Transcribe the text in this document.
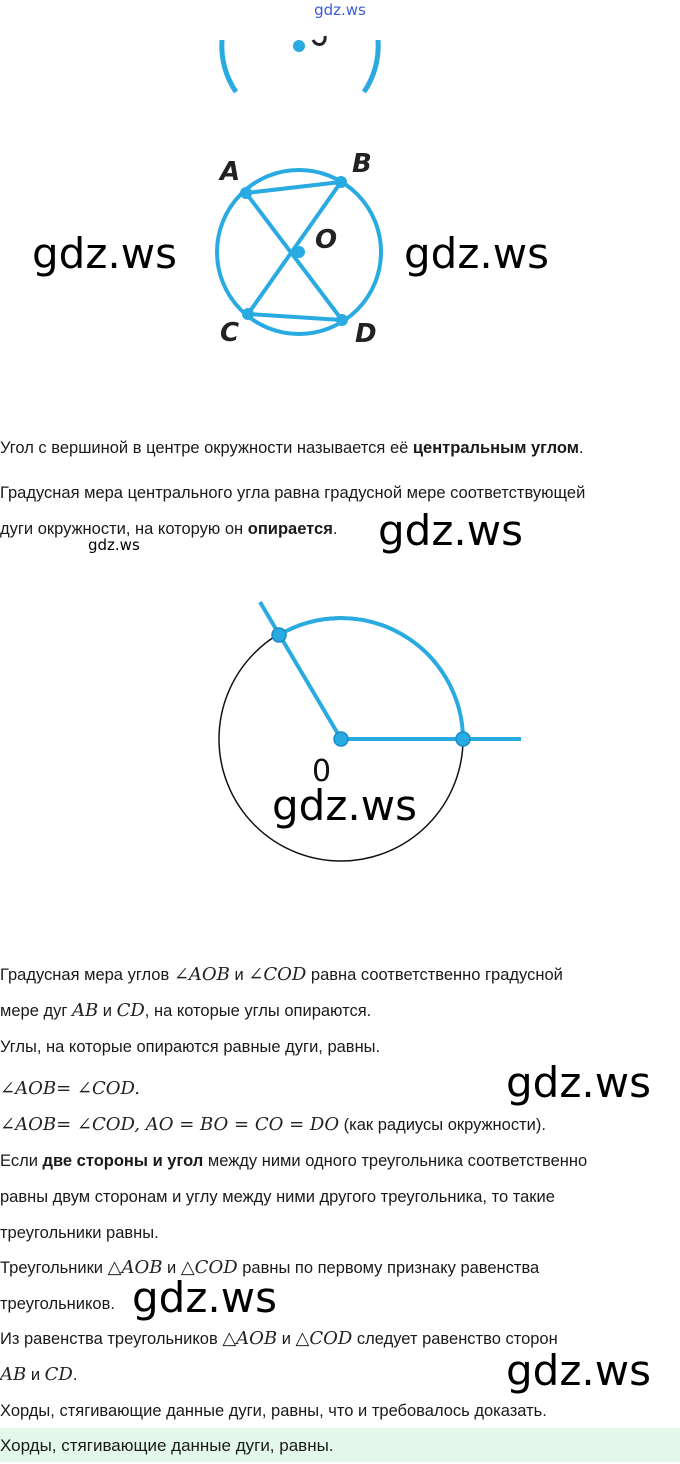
gdz.ws
A	B
O
C	D
gdz.ws	gdz.ws
Угол с вершиной в центре окружности называется её центральным углом.
Градусная мера центрального угла равна градусной мере соответствующей
дуги окружности, на которую он опирается. gdz.ws
gdz.ws
0
gdz.ws
Градусная мера углов ∠AOB и ∠COD равна соответственно градусной
мере дуг AB и CD, на которые углы опираются.
Углы, на которые опираются равные дуги, равны.
∠AOB= ∠COD.	gdz.ws
∠AOB= ∠COD, AO = BO = CO = DO (как радиусы окружности).
Если две стороны и угол между ними одного треугольника соответственно
равны двум сторонам и углу между ними другого треугольника, то такие
треугольники равны.
Треугольники △AOB и △COD равны по первому признаку равенства
треугольников. gdz.ws
Из равенства треугольников △AOB и △COD следует равенство сторон
AB и CD.	gdz.ws
Хорды, стягивающие данные дуги, равны, что и требовалось доказать.
Хорды, стягивающие данные дуги, равны.
